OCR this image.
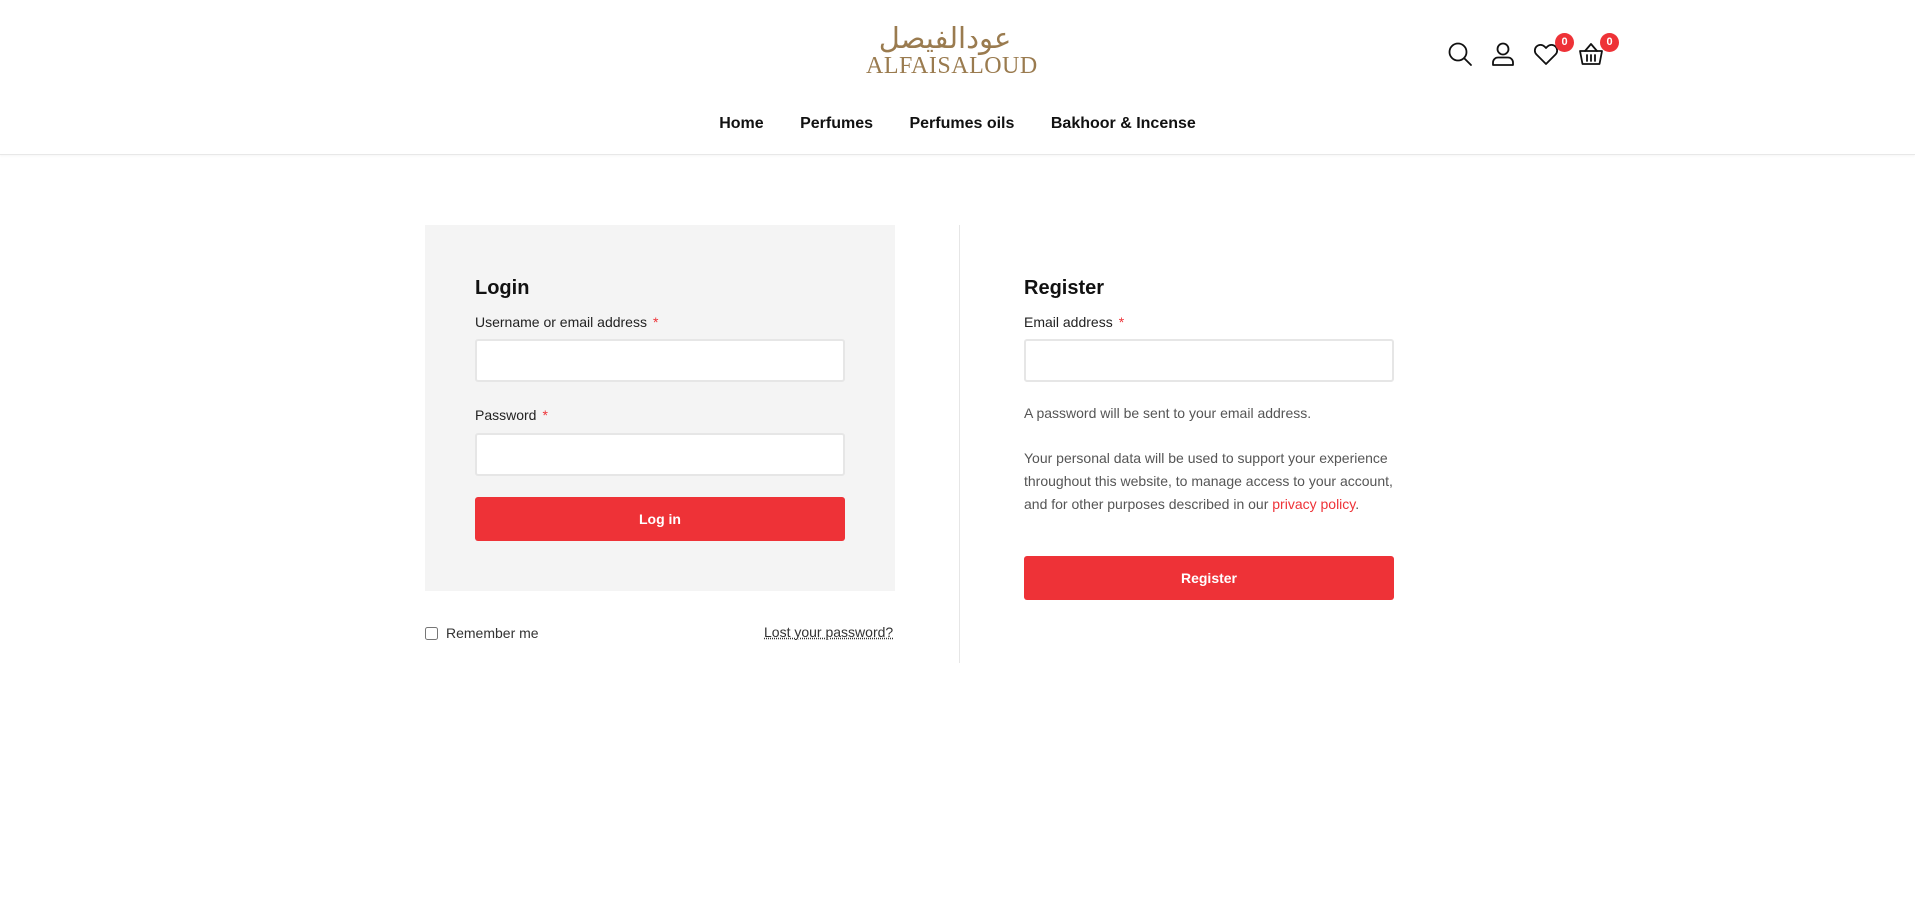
عودالفيصل
ALFAISALOUD
0	0
Home Perfumes Perfumes oils Bakhoor & Incense
Login
Username or email address *
Password *
Log in
Remember me	Lost your password?
Register
Email address *

A password will be sent to your email address.

Your personal data will be used to support your experience throughout this website, to manage access to your account, and for other purposes described in our privacy policy.

Register
